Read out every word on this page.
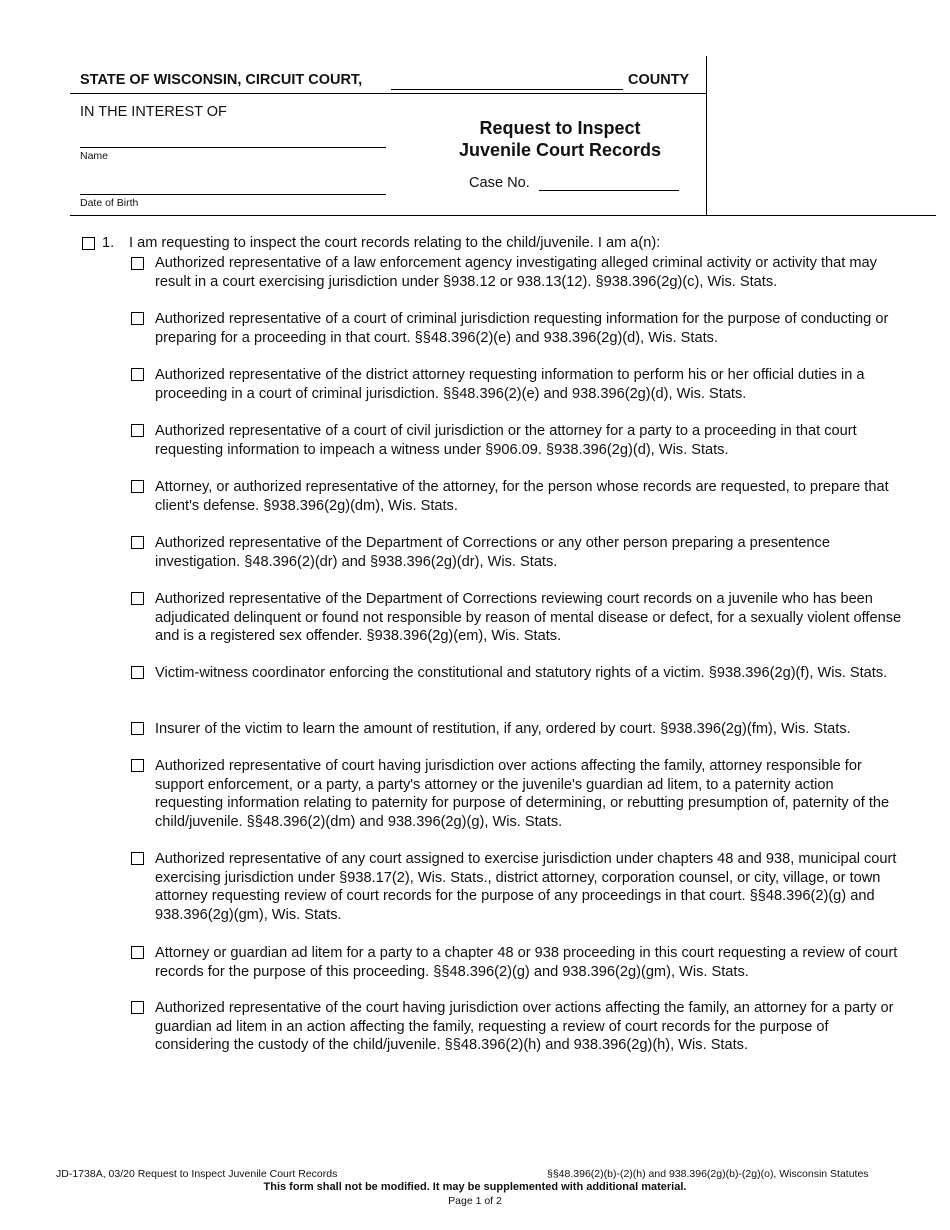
STATE OF WISCONSIN, CIRCUIT COURT,	COUNTY
IN THE INTEREST OF
Name
Date of Birth
Request to Inspect
Juvenile Court Records
Case No.
1. I am requesting to inspect the court records relating to the child/juvenile. I am a(n):
Authorized representative of a law enforcement agency investigating alleged criminal activity or activity that may result in a court exercising jurisdiction under §938.12 or 938.13(12). §938.396(2g)(c), Wis. Stats.
Authorized representative of a court of criminal jurisdiction requesting information for the purpose of conducting or preparing for a proceeding in that court. §§48.396(2)(e) and 938.396(2g)(d), Wis. Stats.
Authorized representative of the district attorney requesting information to perform his or her official duties in a proceeding in a court of criminal jurisdiction. §§48.396(2)(e) and 938.396(2g)(d), Wis. Stats.
Authorized representative of a court of civil jurisdiction or the attorney for a party to a proceeding in that court requesting information to impeach a witness under §906.09. §938.396(2g)(d), Wis. Stats.
Attorney, or authorized representative of the attorney, for the person whose records are requested, to prepare that client's defense. §938.396(2g)(dm), Wis. Stats.
Authorized representative of the Department of Corrections or any other person preparing a presentence investigation. §48.396(2)(dr) and §938.396(2g)(dr), Wis. Stats.
Authorized representative of the Department of Corrections reviewing court records on a juvenile who has been adjudicated delinquent or found not responsible by reason of mental disease or defect, for a sexually violent offense and is a registered sex offender. §938.396(2g)(em), Wis. Stats.
Victim-witness coordinator enforcing the constitutional and statutory rights of a victim. §938.396(2g)(f), Wis. Stats.
Insurer of the victim to learn the amount of restitution, if any, ordered by court. §938.396(2g)(fm), Wis. Stats.
Authorized representative of court having jurisdiction over actions affecting the family, attorney responsible for support enforcement, or a party, a party's attorney or the juvenile's guardian ad litem, to a paternity action requesting information relating to paternity for purpose of determining, or rebutting presumption of, paternity of the child/juvenile. §§48.396(2)(dm) and 938.396(2g)(g), Wis. Stats.
Authorized representative of any court assigned to exercise jurisdiction under chapters 48 and 938, municipal court exercising jurisdiction under §938.17(2), Wis. Stats., district attorney, corporation counsel, or city, village, or town attorney requesting review of court records for the purpose of any proceedings in that court. §§48.396(2)(g) and 938.396(2g)(gm), Wis. Stats.
Attorney or guardian ad litem for a party to a chapter 48 or 938 proceeding in this court requesting a review of court records for the purpose of this proceeding. §§48.396(2)(g) and 938.396(2g)(gm), Wis. Stats.
Authorized representative of the court having jurisdiction over actions affecting the family, an attorney for a party or guardian ad litem in an action affecting the family, requesting a review of court records for the purpose of considering the custody of the child/juvenile. §§48.396(2)(h) and 938.396(2g)(h), Wis. Stats.
JD-1738A, 03/20 Request to Inspect Juvenile Court Records	§§48.396(2)(b)-(2)(h) and 938.396(2g)(b)-(2g)(o), Wisconsin Statutes
This form shall not be modified. It may be supplemented with additional material.
Page 1 of 2
